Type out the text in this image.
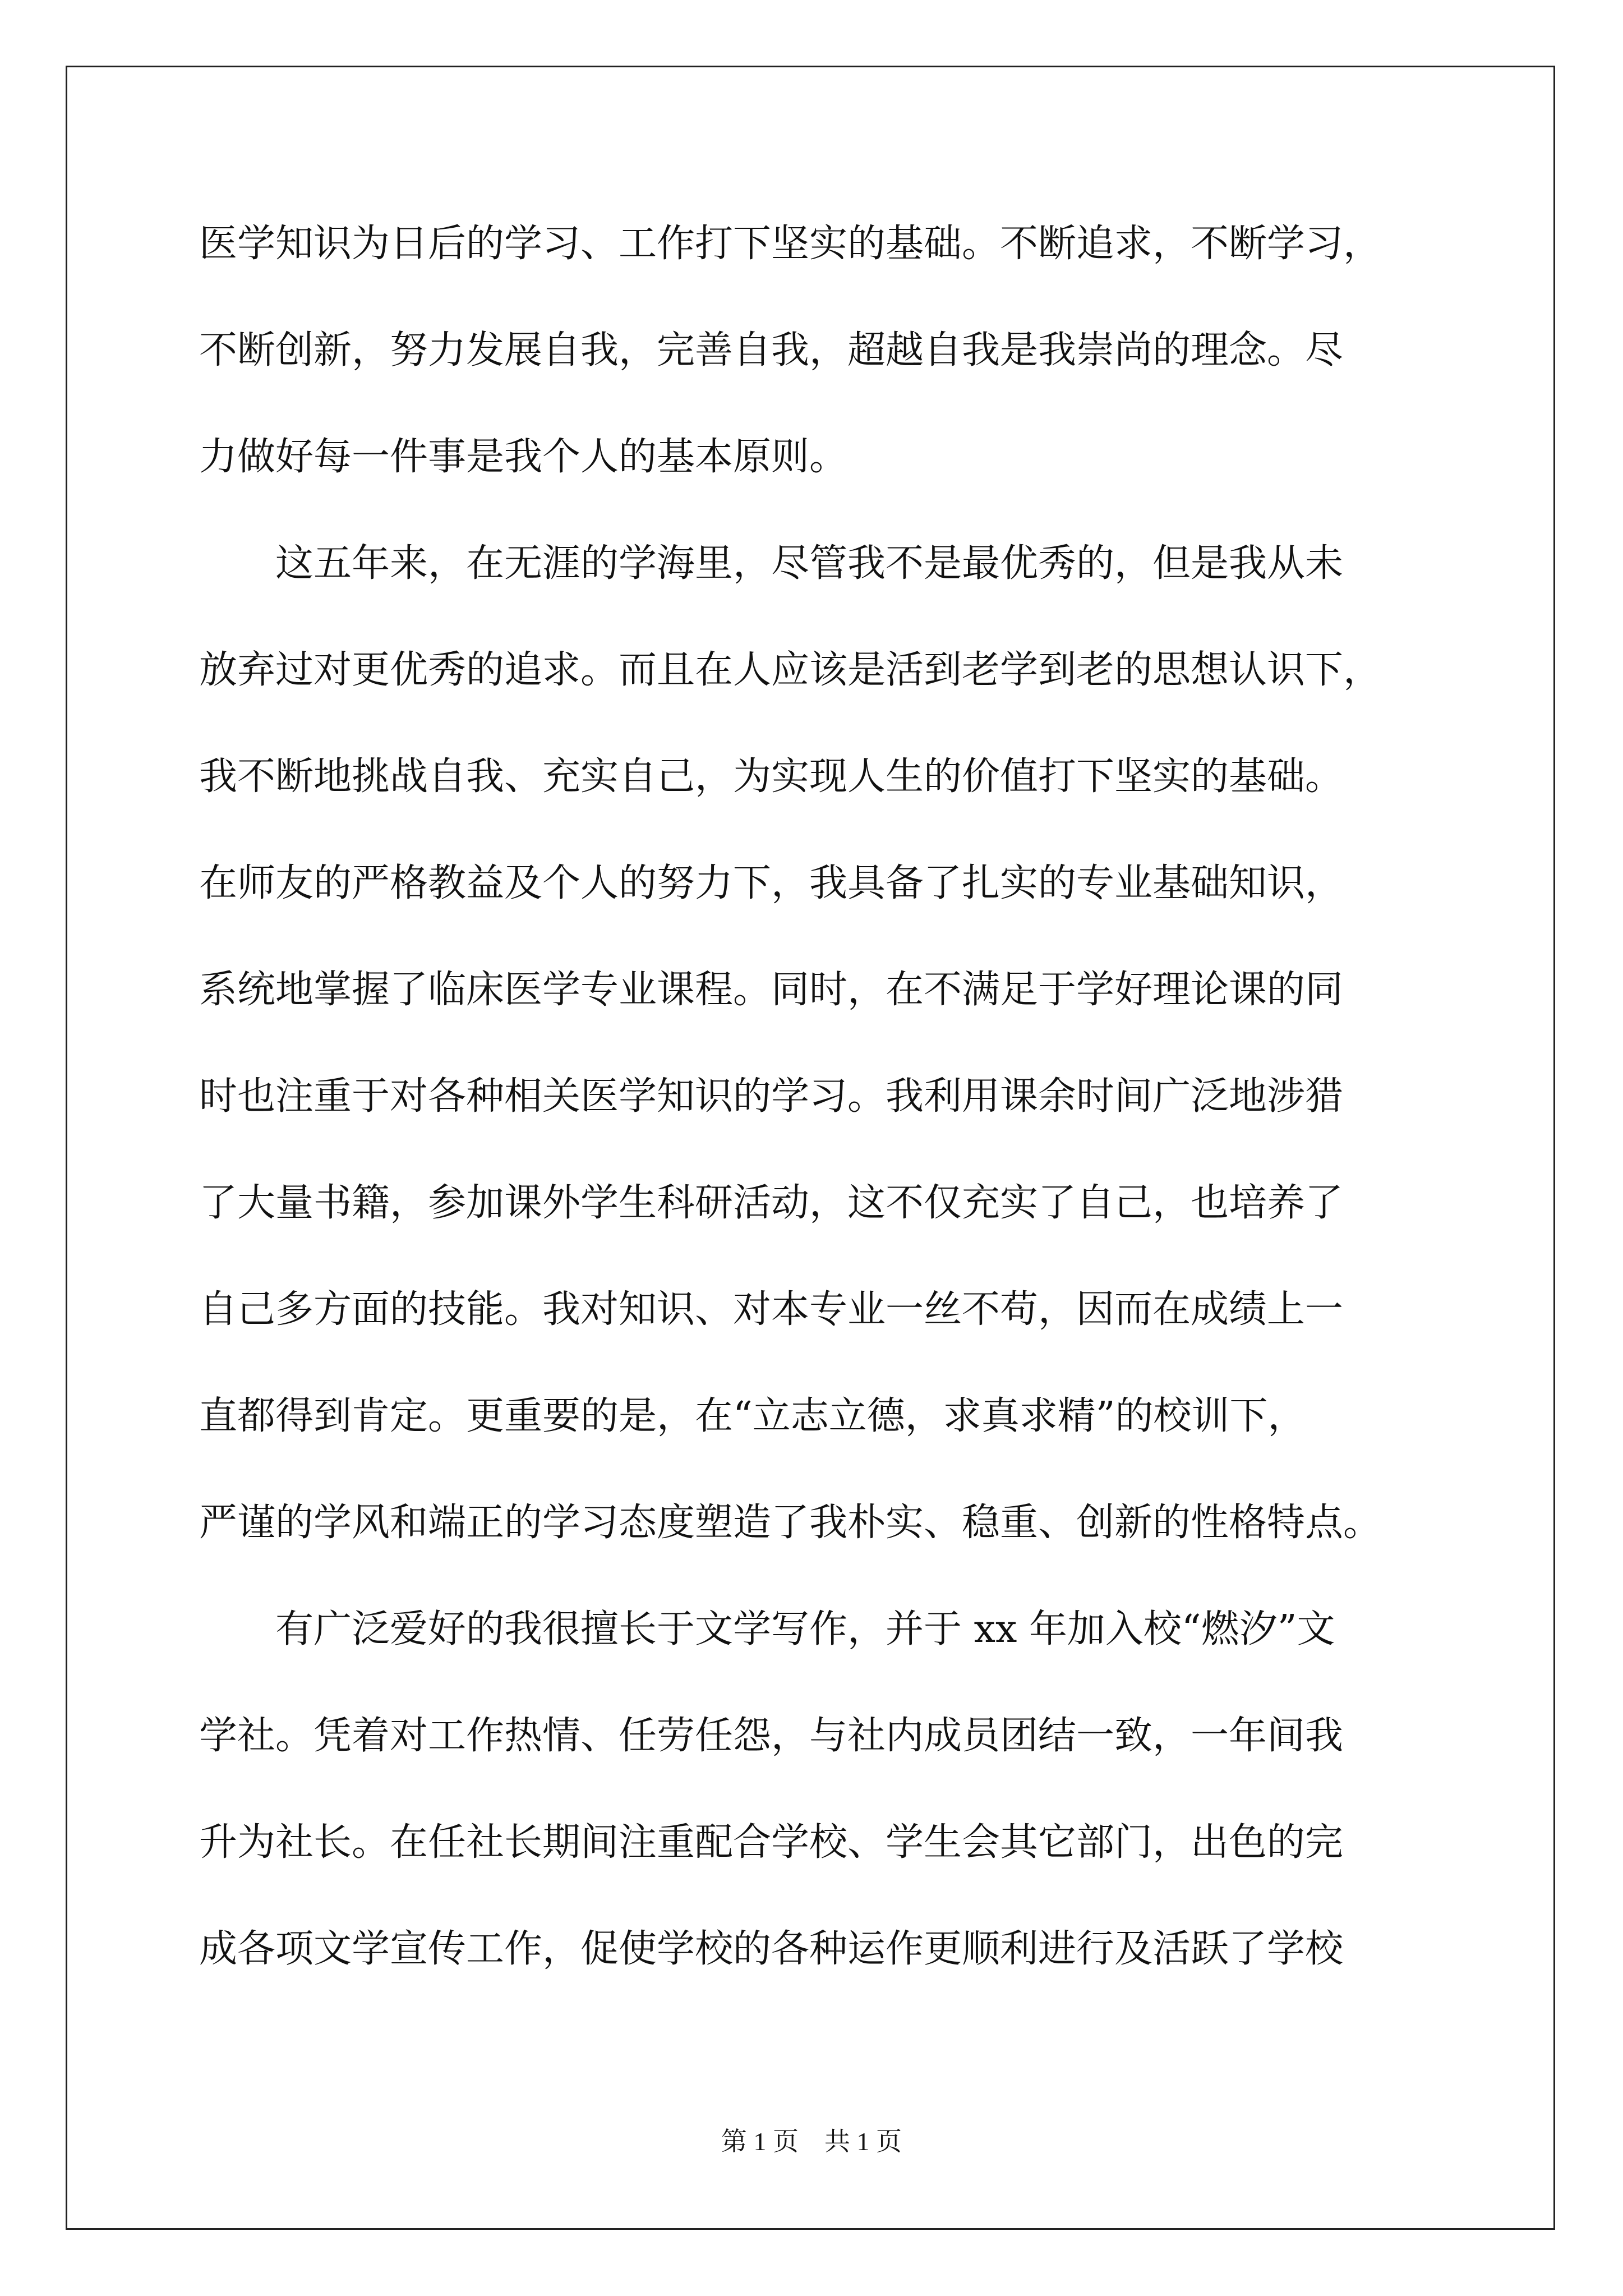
医学知识为日后的学习、工作打下坚实的基础。不断追求，不断学习，
不断创新，努力发展自我，完善自我，超越自我是我崇尚的理念。尽
力做好每一件事是我个人的基本原则。
　　这五年来，在无涯的学海里，尽管我不是最优秀的，但是我从未
放弃过对更优秀的追求。而且在人应该是活到老学到老的思想认识下，
我不断地挑战自我、充实自己，为实现人生的价值打下坚实的基础。
在师友的严格教益及个人的努力下，我具备了扎实的专业基础知识，
系统地掌握了临床医学专业课程。同时，在不满足于学好理论课的同
时也注重于对各种相关医学知识的学习。我利用课余时间广泛地涉猎
了大量书籍，参加课外学生科研活动，这不仅充实了自己，也培养了
自己多方面的技能。我对知识、对本专业一丝不苟，因而在成绩上一
直都得到肯定。更重要的是，在“立志立德，求真求精”的校训下，
严谨的学风和端正的学习态度塑造了我朴实、稳重、创新的性格特点。
　　有广泛爱好的我很擅长于文学写作，并于 xx 年加入校“燃汐”文
学社。凭着对工作热情、任劳任怨，与社内成员团结一致，一年间我
升为社长。在任社长期间注重配合学校、学生会其它部门，出色的完
成各项文学宣传工作，促使学校的各种运作更顺利进行及活跃了学校
第 1 页　共 1 页
